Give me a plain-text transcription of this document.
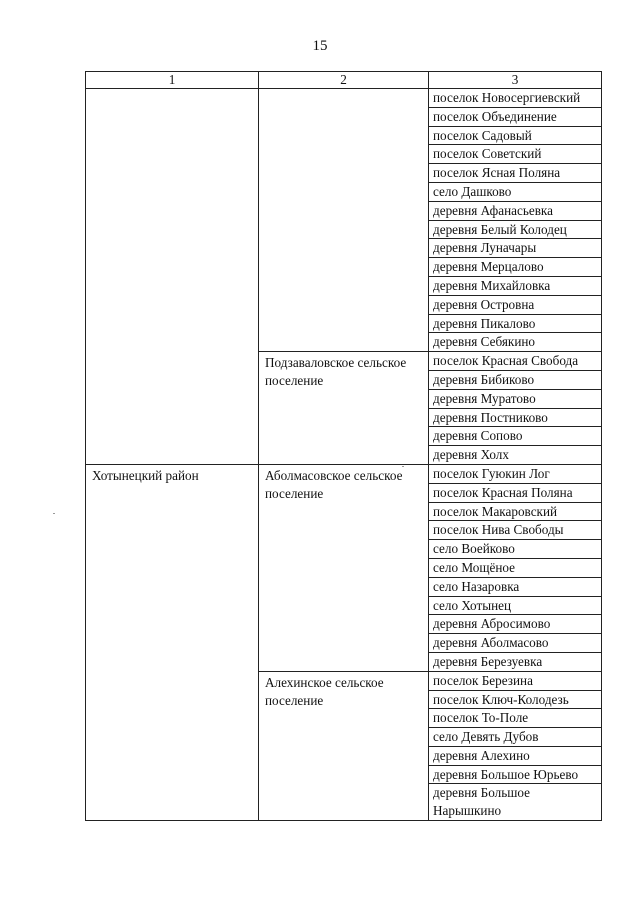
15
1	2	3
		поселок Новосергиевский
		поселок Объединение
		поселок Садовый
		поселок Советский
		поселок Ясная Поляна
		село Дашково
		деревня Афанасьевка
		деревня Белый Колодец
		деревня Луначары
		деревня Мерцалово
		деревня Михайловка
		деревня Островна
		деревня Пикалово
		деревня Себякино
	Подзаваловское сельское поселение	поселок Красная Свобода
		деревня Бибиково
		деревня Муратово
		деревня Постниково
		деревня Сопово
		деревня Холх
Хотынецкий район	Аболмасовское сельское поселение	поселок Гуюкин Лог
		поселок Красная Поляна
		поселок Макаровский
		поселок Нива Свободы
		село Воейково
		село Мощёное
		село Назаровка
		село Хотынец
		деревня Абросимово
		деревня Аболмасово
		деревня Березуевка
	Алехинское сельское поселение	поселок Березина
		поселок Ключ-Колодезь
		поселок То-Поле
		село Девять Дубов
		деревня Алехино
		деревня Большое Юрьево
		деревня Большое Нарышкино
